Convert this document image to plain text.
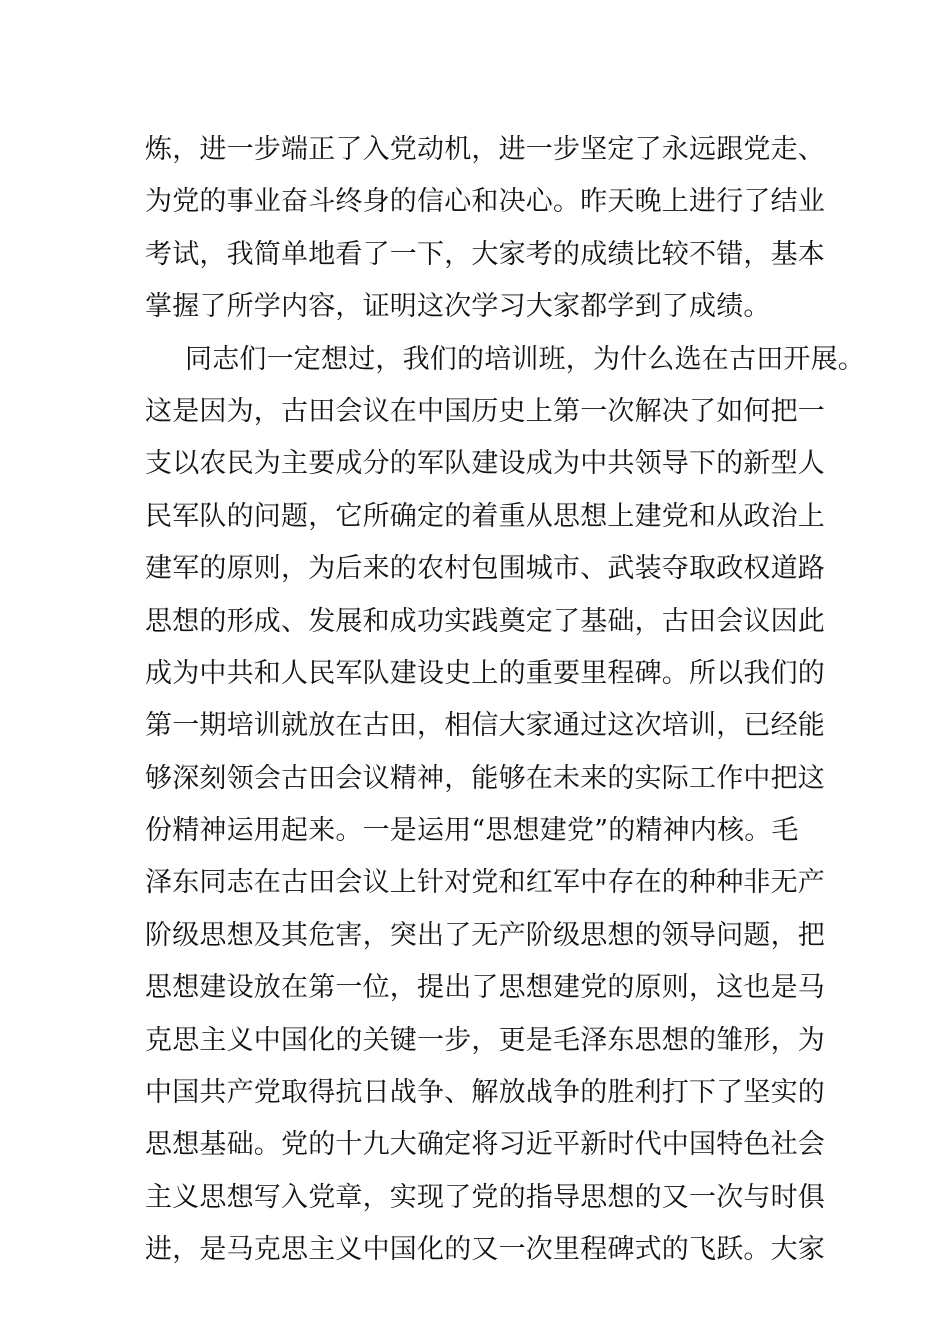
炼，进一步端正了入党动机，进一步坚定了永远跟党走、
为党的事业奋斗终身的信心和决心。昨天晚上进行了结业
考试，我简单地看了一下，大家考的成绩比较不错，基本
掌握了所学内容，证明这次学习大家都学到了成绩。
同志们一定想过，我们的培训班，为什么选在古田开展。
这是因为，古田会议在中国历史上第一次解决了如何把一
支以农民为主要成分的军队建设成为中共领导下的新型人
民军队的问题，它所确定的着重从思想上建党和从政治上
建军的原则，为后来的农村包围城市、武装夺取政权道路
思想的形成、发展和成功实践奠定了基础，古田会议因此
成为中共和人民军队建设史上的重要里程碑。所以我们的
第一期培训就放在古田，相信大家通过这次培训，已经能
够深刻领会古田会议精神，能够在未来的实际工作中把这
份精神运用起来。一是运用“思想建党”的精神内核。毛
泽东同志在古田会议上针对党和红军中存在的种种非无产
阶级思想及其危害，突出了无产阶级思想的领导问题，把
思想建设放在第一位，提出了思想建党的原则，这也是马
克思主义中国化的关键一步，更是毛泽东思想的雏形，为
中国共产党取得抗日战争、解放战争的胜利打下了坚实的
思想基础。党的十九大确定将习近平新时代中国特色社会
主义思想写入党章，实现了党的指导思想的又一次与时俱
进，是马克思主义中国化的又一次里程碑式的飞跃。大家
